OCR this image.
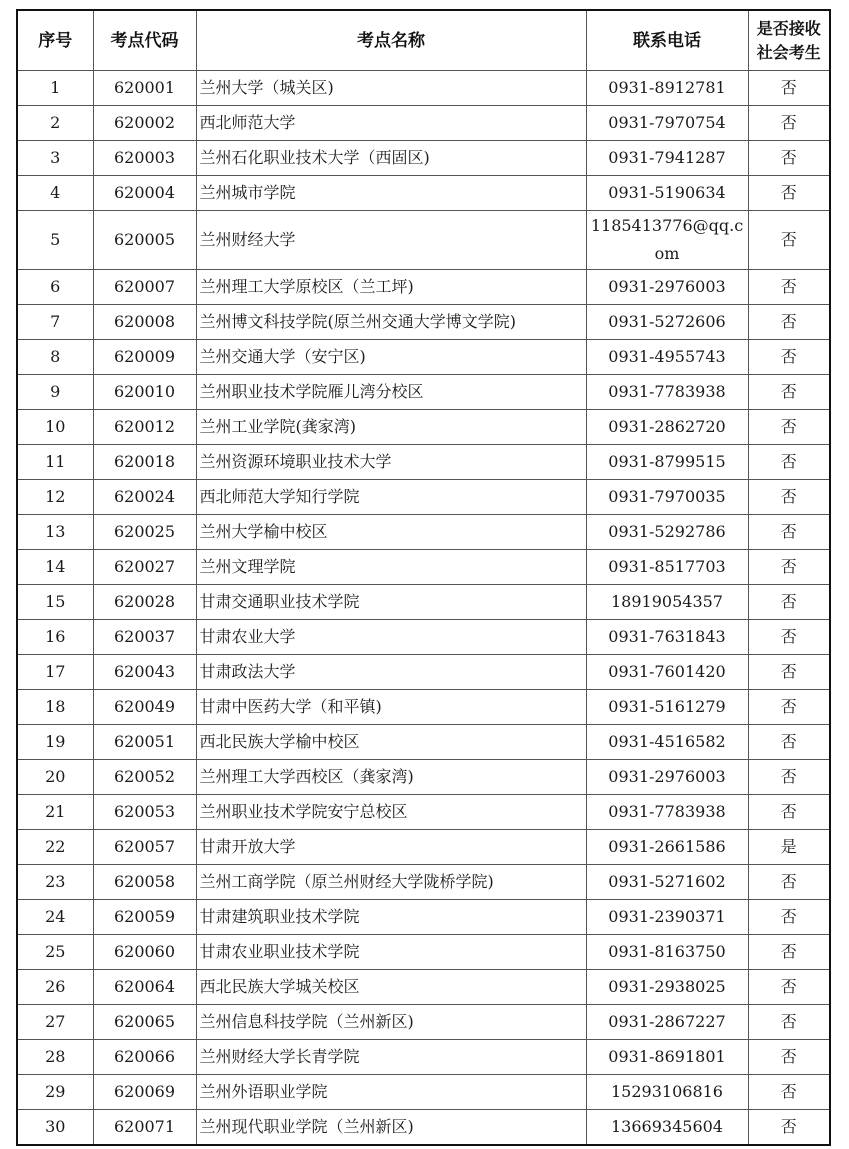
序号	考点代码	考点名称	联系电话	是否接收
社会考生
1	620001	兰州大学（城关区)	0931-8912781	否
2	620002	西北师范大学	0931-7970754	否
3	620003	兰州石化职业技术大学（西固区)	0931-7941287	否
4	620004	兰州城市学院	0931-5190634	否
5	620005	兰州财经大学	1185413776@qq.com	否
6	620007	兰州理工大学原校区（兰工坪)	0931-2976003	否
7	620008	兰州博文科技学院(原兰州交通大学博文学院)	0931-5272606	否
8	620009	兰州交通大学（安宁区)	0931-4955743	否
9	620010	兰州职业技术学院雁儿湾分校区	0931-7783938	否
10	620012	兰州工业学院(龚家湾)	0931-2862720	否
11	620018	兰州资源环境职业技术大学	0931-8799515	否
12	620024	西北师范大学知行学院	0931-7970035	否
13	620025	兰州大学榆中校区	0931-5292786	否
14	620027	兰州文理学院	0931-8517703	否
15	620028	甘肃交通职业技术学院	18919054357	否
16	620037	甘肃农业大学	0931-7631843	否
17	620043	甘肃政法大学	0931-7601420	否
18	620049	甘肃中医药大学（和平镇)	0931-5161279	否
19	620051	西北民族大学榆中校区	0931-4516582	否
20	620052	兰州理工大学西校区（龚家湾)	0931-2976003	否
21	620053	兰州职业技术学院安宁总校区	0931-7783938	否
22	620057	甘肃开放大学	0931-2661586	是
23	620058	兰州工商学院（原兰州财经大学陇桥学院)	0931-5271602	否
24	620059	甘肃建筑职业技术学院	0931-2390371	否
25	620060	甘肃农业职业技术学院	0931-8163750	否
26	620064	西北民族大学城关校区	0931-2938025	否
27	620065	兰州信息科技学院（兰州新区)	0931-2867227	否
28	620066	兰州财经大学长青学院	0931-8691801	否
29	620069	兰州外语职业学院	15293106816	否
30	620071	兰州现代职业学院（兰州新区)	13669345604	否
